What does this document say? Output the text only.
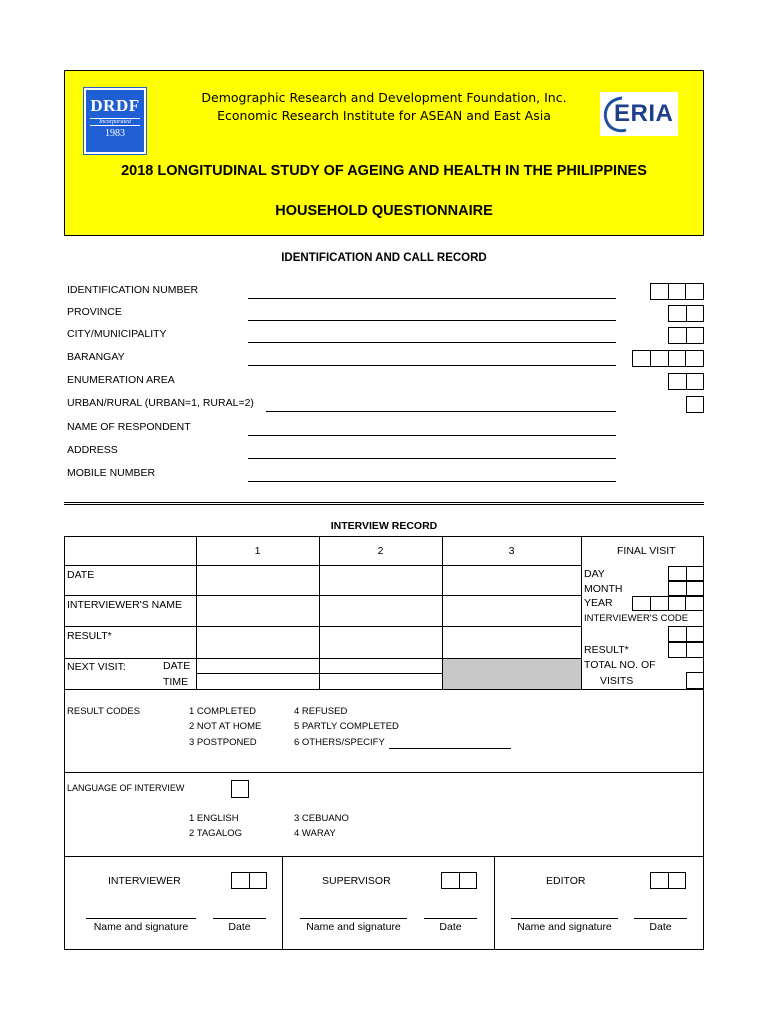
DRDF
Incorporated
1983
ERIA
Demographic Research and Development Foundation, Inc.
Economic Research Institute for ASEAN and East Asia
2018 LONGITUDINAL STUDY OF AGEING AND HEALTH IN THE PHILIPPINES
HOUSEHOLD QUESTIONNAIRE
IDENTIFICATION AND CALL RECORD
IDENTIFICATION NUMBER
PROVINCE
CITY/MUNICIPALITY
BARANGAY
ENUMERATION AREA
URBAN/RURAL (URBAN=1, RURAL=2)
NAME OF RESPONDENT
ADDRESS
MOBILE NUMBER
INTERVIEW RECORD
1	2	3	FINAL VISIT
DATE
INTERVIEWER'S NAME
RESULT*
NEXT VISIT:	DATE
TIME
DAY
MONTH
YEAR
INTERVIEWER'S CODE
RESULT*
TOTAL NO. OF
VISITS
RESULT CODES	1 COMPLETED
2 NOT AT HOME
3 POSTPONED
4 REFUSED
5 PARTLY COMPLETED
6 OTHERS/SPECIFY
LANGUAGE OF INTERVIEW
1 ENGLISH
2 TAGALOG
3 CEBUANO
4 WARAY
INTERVIEWER
Name and signature	Date
SUPERVISOR
Name and signature	Date
EDITOR
Name and signature	Date
